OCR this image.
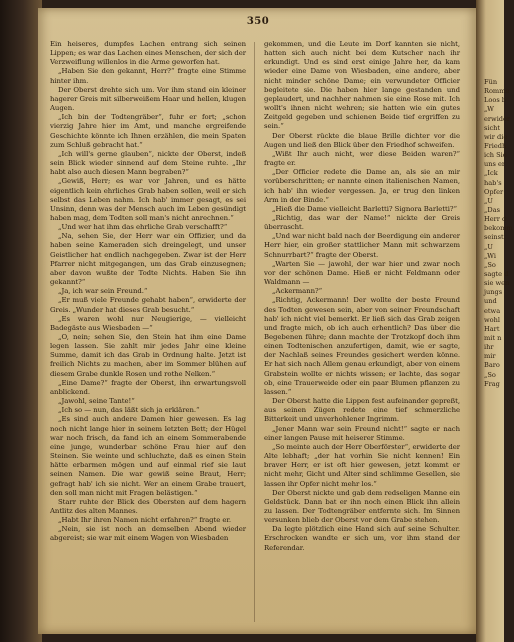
350

Ein heiseres, dumpfes Lachen entrang sich seinen Lippen; es war das Lachen eines Menschen, der sich der Verzweiflung willenlos in die Arme geworfen hat.

„Haben Sie den gekannt, Herr?“ fragte eine Stimme hinter ihm.

Der Oberst drehte sich um. Vor ihm stand ein kleiner hagerer Greis mit silberweißem Haar und hellen, klugen Augen.

„Ich bin der Todtengräber“, fuhr er fort; „schon vierzig Jahre hier im Amt, und manche ergreifende Geschichte könnte ich Ihnen erzählen, die mein Spaten zum Schluß gebracht hat.“

„Ich will's gerne glauben“, nickte der Oberst, indeß sein Blick wieder sinnend auf dem Steine ruhte. „Ihr habt also auch diesen Mann begraben?“

„Gewiß, Herr; es war vor Jahren, und es hätte eigentlich kein ehrliches Grab haben sollen, weil er sich selbst das Leben nahm. Ich hab' immer gesagt, es sei Unsinn, denn was der Mensch auch im Leben gesündigt haben mag, dem Todten soll man's nicht anrechnen.“

„Und wer hat ihm das ehrliche Grab verschafft?“

„Na, sehen Sie, der Herr war ein Offizier, und da haben seine Kameraden sich dreingelegt, und unser Geistlicher hat endlich nachgegeben. Zwar ist der Herr Pfarrer nicht mitgegangen, um das Grab einzusegnen; aber davon wußte der Todte Nichts. Haben Sie ihn gekannt?“

„Ja, ich war sein Freund.“

„Er muß viele Freunde gehabt haben“, erwiderte der Greis. „Wunder hat dieses Grab besucht.“

„Es waren wohl nur Neugierige, — vielleicht Badegäste aus Wiesbaden —“

„O, nein; sehen Sie, den Stein hat ihm eine Dame legen lassen. Sie zahlt mir jedes Jahr eine kleine Summe, damit ich das Grab in Ordnung halte. Jetzt ist freilich Nichts zu machen, aber im Sommer blühen auf diesem Grabe dunkle Rosen und rothe Nelken.“

„Eine Dame?“ fragte der Oberst, ihn erwartungsvoll anblickend.

„Jawohl, seine Tante!“

„Ich so — nun, das läßt sich ja erklären.“

„Es sind auch andere Damen hier gewesen. Es lag noch nicht lange hier in seinem letzten Bett; der Hügel war noch frisch, da fand ich an einem Sommerabende eine junge, wunderbar schöne Frau hier auf den Steinen. Sie weinte und schluchzte, daß es einen Stein hätte erbarmen mögen und auf einmal rief sie laut seinen Namen. Die war gewiß seine Braut, Herr; gefragt hab' ich sie nicht. Wer an einem Grabe trauert, den soll man nicht mit Fragen belästigen.“

Starr ruhte der Blick des Obersten auf dem hagern Antlitz des alten Mannes.

„Habt Ihr ihren Namen nicht erfahren?“ fragte er.

„Nein, sie ist noch an demselben Abend wieder abgereist; sie war mit einem Wagen von Wiesbaden

gekommen, und die Leute im Dorf kannten sie nicht, hatten sich auch nicht bei dem Kutscher nach ihr erkundigt. Und es sind erst einige Jahre her, da kam wieder eine Dame von Wiesbaden, eine andere, aber nicht minder schöne Dame; ein verwundeter Officier begleitete sie. Die haben hier lange gestanden und geplaudert, und nachher nahmen sie eine Rose mit. Ich wollt's ihnen nicht wehren; sie hatten wie ein gutes Zeitgeld gegeben und schienen Beide tief ergriffen zu sein.“

Der Oberst rückte die blaue Brille dichter vor die Augen und ließ den Blick über den Friedhof schweifen.

„Wißt Ihr auch nicht, wer diese Beiden waren?“ fragte er.

„Der Officier redete die Dame an, als sie an mir vorüberschritten; er nannte einen italienischen Namen, ich hab' ihn wieder vergessen. Ja, er trug den linken Arm in der Binde.“

„Hieß die Dame vielleicht Barletti? Signora Barletti?“

„Richtig, das war der Name!“ nickte der Greis überrascht.

„Und war nicht bald nach der Beerdigung ein anderer Herr hier, ein großer stattlicher Mann mit schwarzem Schnurrbart?“ fragte der Oberst.

„Warten Sie — jawohl, der war hier und zwar noch vor der schönen Dame. Hieß er nicht Feldmann oder Waldmann —

„Ackermann?“

„Richtig, Ackermann! Der wollte der beste Freund des Todten gewesen sein, aber von seiner Freundschaft hab' ich nicht viel bemerkt. Er ließ sich das Grab zeigen und fragte mich, ob ich auch erhentlich? Das über die Begebenen führe; dann machte der Trotzkopf doch ihm einen Todtenischen anzufertigen, damit, wie er sagte, der Nachlaß seines Freundes gesichert werden könne. Er hat sich nach Allem genau erkundigt, aber von einem Grabstein wollte er nichts wissen; er lachte, das sogar ob, eine Trauerweide oder ein paar Blumen pflanzen zu lassen.“

Der Oberst hatte die Lippen fest aufeinander gepreßt, aus seinen Zügen redete eine tief schmerzliche Bitterkeit und unverhohlener Ingrimm.

„Jener Mann war sein Freund nicht!“ sagte er nach einer langen Pause mit heiserer Stimme.

„So meinte auch der Herr Oberförster“, erwiderte der Alte lebhaft; „der hat vorhin Sie nicht kennen! Ein braver Herr, er ist oft hier gewesen, jetzt kommt er nicht mehr, Gicht und Alter sind schlimme Gesellen, sie lassen ihr Opfer nicht mehr los.“

Der Oberst nickte und gab dem redseligen Manne ein Geldstück. Dann bat er ihn noch einen Blick ihn allein zu lassen. Der Todtengräber entfernte sich. Im Sinnen versunken blieb der Oberst vor dem Grabe stehen.

Da legte plötzlich eine Hand sich auf seine Schulter. Erschrocken wandte er sich um, vor ihm stand der Referendar.

Fün
Romme
Loos b
„W
erwider
sicht
wir die
Friedh
ich Sie
uns er
„Ick
hab's
Opfer
„U
„Das
Herr d
bekomm
seinst.
„U
„Wi
„So
sagte d
sie wen
jungs
und
etwa
wohl
Hart
mit n
ihr
mir
Baro
„So
Frag
